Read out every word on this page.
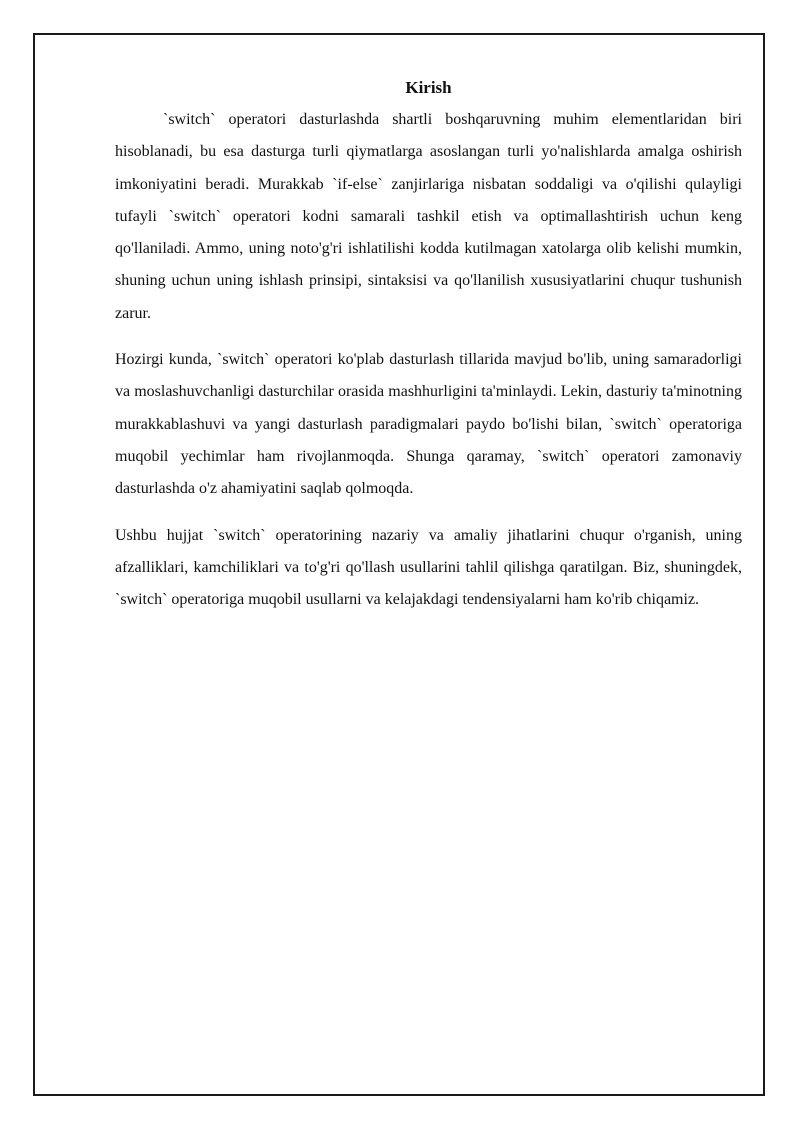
Kirish

`switch` operatori dasturlashda shartli boshqaruvning muhim elementlaridan biri hisoblanadi, bu esa dasturga turli qiymatlarga asoslangan turli yo'nalishlarda amalga oshirish imkoniyatini beradi. Murakkab `if-else` zanjirlariga nisbatan soddaligi va o'qilishi qulayligi tufayli `switch` operatori kodni samarali tashkil etish va optimallashtirish uchun keng qo'llaniladi. Ammo, uning noto'g'ri ishlatilishi kodda kutilmagan xatolarga olib kelishi mumkin, shuning uchun uning ishlash prinsipi, sintaksisi va qo'llanilish xususiyatlarini chuqur tushunish zarur.

Hozirgi kunda, `switch` operatori ko'plab dasturlash tillarida mavjud bo'lib, uning samaradorligi va moslashuvchanligi dasturchilar orasida mashhurligini ta'minlaydi. Lekin, dasturiy ta'minotning murakkablashuvi va yangi dasturlash paradigmalari paydo bo'lishi bilan, `switch` operatoriga muqobil yechimlar ham rivojlanmoqda. Shunga qaramay, `switch` operatori zamonaviy dasturlashda o'z ahamiyatini saqlab qolmoqda.

Ushbu hujjat `switch` operatorining nazariy va amaliy jihatlarini chuqur o'rganish, uning afzalliklari, kamchiliklari va to'g'ri qo'llash usullarini tahlil qilishga qaratilgan. Biz, shuningdek, `switch` operatoriga muqobil usullarni va kelajakdagi tendensiyalarni ham ko'rib chiqamiz.
